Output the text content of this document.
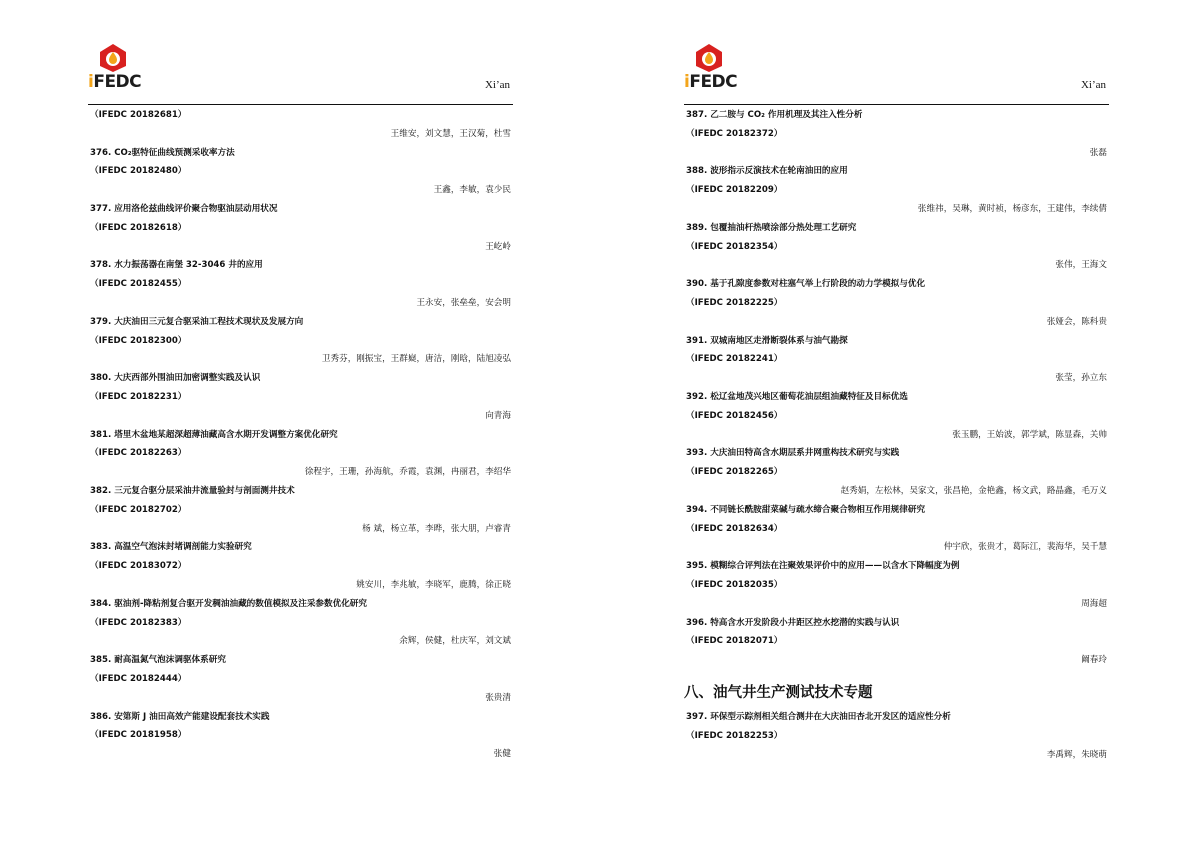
iFEDC	Xi’an
（IFEDC 20182681）
王维安，刘文慧，王汉菊，杜雪
376. CO₂驱特征曲线预测采收率方法
（IFEDC 20182480）
王鑫，李敏，袁少民
377. 应用洛伦兹曲线评价聚合物驱油层动用状况
（IFEDC 20182618）
王屹岭
378. 水力振荡器在南堡 32-3046 井的应用
（IFEDC 20182455）
王永安，张垒垒，安会明
379. 大庆油田三元复合驱采油工程技术现状及发展方向
（IFEDC 20182300）
卫秀芬，刚振宝，王群嶷，唐洁，刚晗，陆旭凌弘
380. 大庆西部外围油田加密调整实践及认识
（IFEDC 20182231）
向青海
381. 塔里木盆地某超深超薄油藏高含水期开发调整方案优化研究
（IFEDC 20182263）
徐程宇，王珊，孙海航，乔霞，袁渊，冉丽君，李绍华
382. 三元复合驱分层采油井流量验封与剖面测井技术
（IFEDC 20182702）
杨 斌，杨立革，李晔，张大朋，卢睿青
383. 高温空气泡沫封堵调剖能力实验研究
（IFEDC 20183072）
姚安川，李兆敏，李晓军，鹿腾，徐正晓
384. 驱油剂-降粘剂复合驱开发稠油油藏的数值模拟及注采参数优化研究
（IFEDC 20182383）
余辉，侯健，杜庆军，刘文斌
385. 耐高温氮气泡沫调驱体系研究
（IFEDC 20182444）
张贵清
386. 安第斯 J 油田高效产能建设配套技术实践
（IFEDC 20181958）
张健
iFEDC	Xi’an
387. 乙二胺与 CO₂ 作用机理及其注入性分析
（IFEDC 20182372）
张磊
388. 波形指示反演技术在轮南油田的应用
（IFEDC 20182209）
张维祎，吴琳，黄时祯，杨彦东，王建伟，李续倩
389. 包覆抽油杆热喷涂部分热处理工艺研究
（IFEDC 20182354）
张伟，王海文
390. 基于孔隙度参数对柱塞气举上行阶段的动力学模拟与优化
（IFEDC 20182225）
张娅会，陈科贵
391. 双城南地区走滑断裂体系与油气勘探
（IFEDC 20182241）
张莹，孙立东
392. 松辽盆地茂兴地区葡萄花油层组油藏特征及目标优选
（IFEDC 20182456）
张玉鹏，王始波，郭学斌，陈显森，关帅
393. 大庆油田特高含水期层系井网重构技术研究与实践
（IFEDC 20182265）
赵秀娟，左松林，吴家文，张昌艳，金艳鑫，杨文武，路晶鑫，毛万义
394. 不同链长酰胺甜菜碱与疏水缔合聚合物相互作用规律研究
（IFEDC 20182634）
仲宇欣，张贵才，葛际江，裴海华，吴千慧
395. 模糊综合评判法在注聚效果评价中的应用——以含水下降幅度为例
（IFEDC 20182035）
周海超
396. 特高含水开发阶段小井距区控水挖潜的实践与认识
（IFEDC 20182071）
阚春玲
八、油气井生产测试技术专题
397. 环保型示踪剂相关组合测井在大庆油田杏北开发区的适应性分析
（IFEDC 20182253）
李禹辉，朱晓萌
